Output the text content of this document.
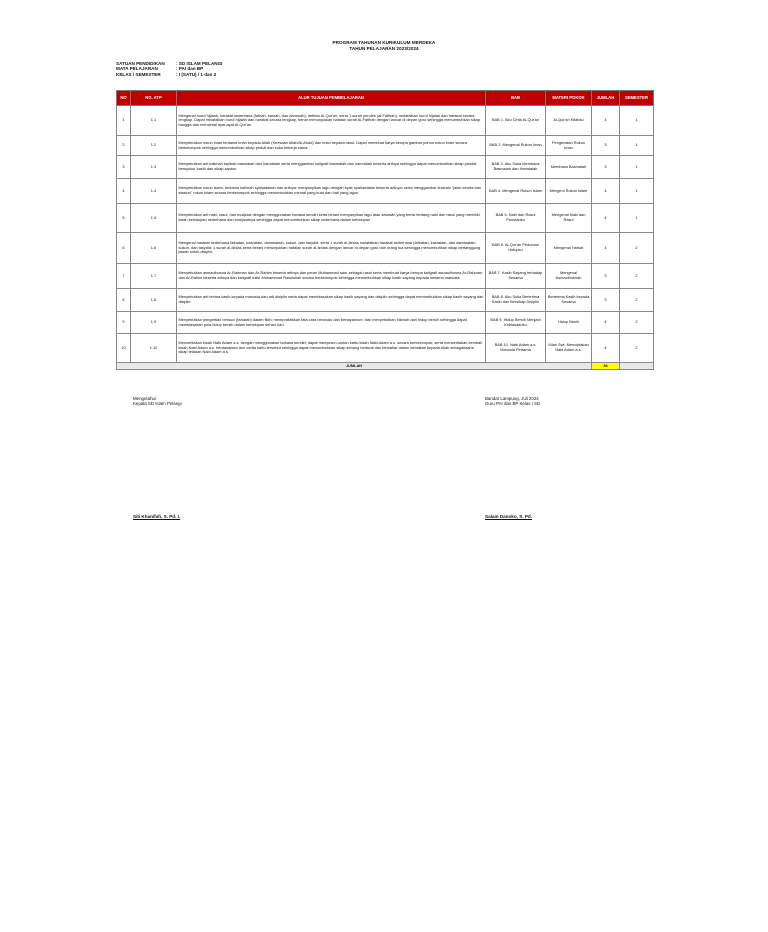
PROGRAM TAHUNAN KURIKULUM MERDEKA
TAHUN PELAJARAN 2023/2024
SATUAN PENDIDIKAN	: SD ISLAM PELANGI
MATA PELAJARAN	: PAI dan BP
KELAS / SEMESTER	: I (SATU) / 1 dan 2
NO	NO. ATP	ALUR TUJUAN PEMBELAJARAN	BAB	MATERI POKOK	JUMLAH	SEMESTER
1	1.1	Mengenal huruf hijaiah, harakat sederhana (fatḥah, kasrah, dan dammah), definisi Al-Qur'an, serta 1 surah pendek (al-Fatihah), melafalkan huruf hijaiah dan harakat secara lengkap. Dapat melafalkan huruf hijaiah dan harakat secara lengkap, benar menunjukkan hafalan surah Al-Fatihah dengan lancar di depan guru sehingga menumbuhkan sikap bangga dan mencintai ayat-ayat Al-Qur'an.	BAB 1. Aku Cinta Al-Qur'an	Al-Qur'an Kitabku	4	1
2	1.2	Menyebutkan rukun iman tentama iman kepada Allah (Keesaan Allah/Al-Ahad) dan iman kepada rasul. Dapat membuat karya berupa gambar pohon rukun iman secara berkelompok sehingga menumbuhkan sikap peduli dan suka bekerja sama.	BAB 2. Mengenal Rukun Iman	Pengenalan Rukun Iman	3	1
3	1.3	Menyebutkan arti kalimah tayibah basmalah dan hamdalah serta menggambar kaligrafi basmalah dan hamdalah beserta artinya sehingga dapat menumbuhkan sikap pandai bersyukur kasih dan sikap santun.	BAB 3. Aku Suka Membaca Basmalah dan Hamdalah	Membaca Basmalah	3	1
4	1.4	Menyebutkan rukun islam, tentama kalimah syahadatain dan artinya; menyanyikan lagu dengan syair syahadatain beserta artinya; serta menggambar ilustrasi "jalan kereta dan stasiun" rukun Islam secara berkelompok sehingga menumbuhkan mental yang kuat dan hati yang agun.	BAB 4. Mengenal Rukun Islam	Mengenl Rukun Islam	4	1
5	1.5	Menyebutkan arti nabi, rasul, dan mukjizat dengan menggunakan bahasa sendiri serta berani menyanyikan lagu atau sekawin yang berisi tentang nabi dan rasul yang memiliki kisah kehidupan sederhana dan mukjizatnya sehingga dapat menumbuhkan sikap sederhana dalam kehidupan	BAB 5. Nabi dan Rosul Panutanku	Mengenal Nabi dan Rasul	4	1
6	1.6	Mengenal harakat sederhana fathatan, kasratain, dammatain, sukun, dan tasydid; serta 1 surah al-Ikhlas melafalkan harakat sederhana (fathatan, kasratain, dan dammatain, sukun, dan tasydid; 1 surah al-Ikhlas serta berani menunjukkan hafalan surah al-Ikhlas dengan lancar di depan guru dan orang tua sehingga menumbuhkan sikap bertanggung jawab untuk disiplin.	BAB 6. Al-Qur'an Pedoman Hidupku	Mengenal Harkat	4	2
7	1.7	Menyebutkan asmaulhusna Ar-Rahman dan Ar-Rahim beserta artinya dan peran Muhammad saw. sebagai rasul serta membuat karya berupa kaligrafi asmaulhusna Ar-Rahman dan Ar-Rahim beserta artinya dan kaligrafi tulisr Muhammad Rasulullah secara berkelompok sehingga menumbuhkan sikap kasih sayang kepada sesama manusia.	BAB 7. Kasih Sayang terhadap Sesama	Mengenal Asmaulhusnah	3	2
8	1.8	Menyebutkan arti terima kasih kepada manusia dan arti disiplin serta dapat membiasakan sikap kasih sayang dan disiplin sehingga dapat menumbuhkan sikap kasih sayang dan disiplin.	BAB 8. Aku Suka Berterima Kasih dan Bersikap Disiplin	Berterima Kasih kepada Sesama	3	2
9	1.9	Menyebutkan pengertian bersuci (taharah) dalam fikih; mempraktikkan tata cara berwudu dan bertayamum; dan menyebutkan hikmah dari hidup bersih sehingga dapat membiasakan pola hidup bersih dalam kehidupan sehari-hari.	BAB 9. Hidup Bersih Menjadi Kebiasaanku	Hidup Besih	4	2
10	1.10	Menceritakan kisah Nabi Adam a.s. dengan menggunakan bahasa sendiri; dapat menyusun urutan kartu kisah Nabi Adam a.s. secara berkelompok; serta menceritakan kembali kisah Nabi Adam a.s. berdasarkan alur cerita kartu tersebut sehingga dapat menumbuhkan sikap senang berbuat dan bersabar dalam kebaikan kepada Allah sebagaimana sikap teladan Nabi Adam a.s.	BAB 10. Nabi Adam a.s. Manusia Pertama	Allah Swt. Menciptakan Nabi Adam a.s.	4	2
JUMLAH					36	
Mengetahui
Kepala SD Islam Pelangi
Bandar Lampung, Juli 2024
Guru PAI dan BP Kelas I SD
Siti Khanifah, S. Pd. I.	Salam Danoko, S. Pd.
